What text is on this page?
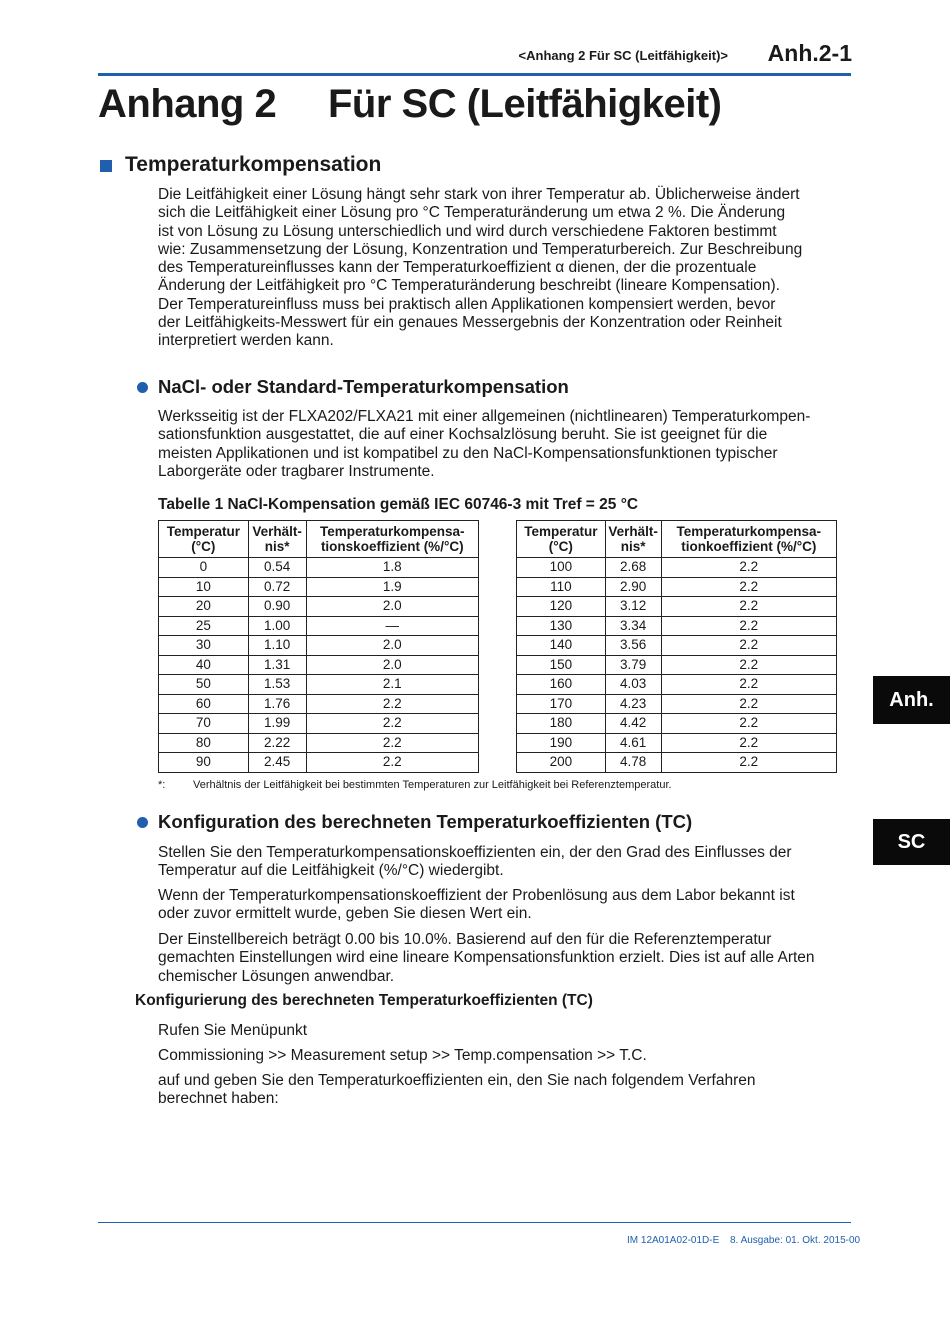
<Anhang 2 Für SC (Leitfähigkeit)>	Anh.2-1
Anhang 2 Für SC (Leitfähigkeit)
Temperaturkompensation

Die Leitfähigkeit einer Lösung hängt sehr stark von ihrer Temperatur ab. Üblicherweise ändert
sich die Leitfähigkeit einer Lösung pro °C Temperaturänderung um etwa 2 %. Die Änderung
ist von Lösung zu Lösung unterschiedlich und wird durch verschiedene Faktoren bestimmt
wie: Zusammensetzung der Lösung, Konzentration und Temperaturbereich. Zur Beschreibung
des Temperatureinflusses kann der Temperaturkoeffizient α dienen, der die prozentuale
Änderung der Leitfähigkeit pro °C Temperaturänderung beschreibt (lineare Kompensation).
Der Temperatureinfluss muss bei praktisch allen Applikationen kompensiert werden, bevor
der Leitfähigkeits-Messwert für ein genaues Messergebnis der Konzentration oder Reinheit
interpretiert werden kann.

NaCl- oder Standard-Temperaturkompensation

Werksseitig ist der FLXA202/FLXA21 mit einer allgemeinen (nichtlinearen) Temperaturkompen-
sationsfunktion ausgestattet, die auf einer Kochsalzlösung beruht. Sie ist geeignet für die
meisten Applikationen und ist kompatibel zu den NaCl-Kompensationsfunktionen typischer
Laborgeräte oder tragbarer Instrumente.

Tabelle 1 NaCl-Kompensation gemäß IEC 60746-3 mit Tref = 25 °C
Temperatur
(°C)	Verhält-
nis*	Temperaturkompensa-
tionskoeffizient (%/°C)
0	0.54	1.8
10	0.72	1.9
20	0.90	2.0
25	1.00	—
30	1.10	2.0
40	1.31	2.0
50	1.53	2.1
60	1.76	2.2
70	1.99	2.2
80	2.22	2.2
90	2.45	2.2
Temperatur
(°C)	Verhält-
nis*	Temperaturkompensa-
tionkoeffizient (%/°C)
100	2.68	2.2
110	2.90	2.2
120	3.12	2.2
130	3.34	2.2
140	3.56	2.2
150	3.79	2.2
160	4.03	2.2
170	4.23	2.2
180	4.42	2.2
190	4.61	2.2
200	4.78	2.2
*:	Verhältnis der Leitfähigkeit bei bestimmten Temperaturen zur Leitfähigkeit bei Referenztemperatur.
Konfiguration des berechneten Temperaturkoeffizienten (TC)

Stellen Sie den Temperaturkompensationskoeffizienten ein, der den Grad des Einflusses der
Temperatur auf die Leitfähigkeit (%/°C) wiedergibt.

Wenn der Temperaturkompensationskoeffizient der Probenlösung aus dem Labor bekannt ist
oder zuvor ermittelt wurde, geben Sie diesen Wert ein.

Der Einstellbereich beträgt 0.00 bis 10.0%. Basierend auf den für die Referenztemperatur
gemachten Einstellungen wird eine lineare Kompensationsfunktion erzielt. Dies ist auf alle Arten
chemischer Lösungen anwendbar.

Konfigurierung des berechneten Temperaturkoeffizienten (TC)
Rufen Sie Menüpunkt
Commissioning >> Measurement setup >> Temp.compensation >> T.C.

auf und geben Sie den Temperaturkoeffizienten ein, den Sie nach folgendem Verfahren
berechnet haben:

Anh.
SC
IM 12A01A02-01D-E 8. Ausgabe: 01. Okt. 2015-00
